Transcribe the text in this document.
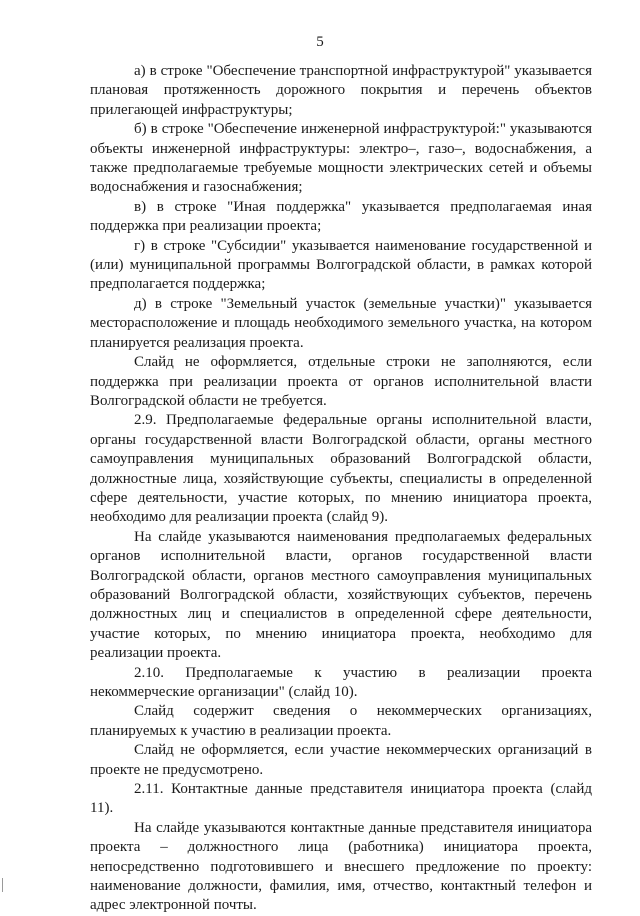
5

а) в строке "Обеспечение транспортной инфраструктурой" указывается плановая протяженность дорожного покрытия и перечень объектов прилегающей инфраструктуры;

б) в строке "Обеспечение инженерной инфраструктурой:" указываются объекты инженерной инфраструктуры: электро–, газо–, водоснабжения, а также предполагаемые требуемые мощности электрических сетей и объемы водоснабжения и газоснабжения;

в) в строке "Иная поддержка" указывается предполагаемая иная поддержка при реализации проекта;

г) в строке "Субсидии" указывается наименование государственной и (или) муниципальной программы Волгоградской области, в рамках которой предполагается поддержка;

д) в строке "Земельный участок (земельные участки)" указывается месторасположение и площадь необходимого земельного участка, на котором планируется реализация проекта.

Слайд не оформляется, отдельные строки не заполняются, если поддержка при реализации проекта от органов исполнительной власти Волгоградской области не требуется.

2.9. Предполагаемые федеральные органы исполнительной власти, органы государственной власти Волгоградской области, органы местного самоуправления муниципальных образований Волгоградской области, должностные лица, хозяйствующие субъекты, специалисты в определенной сфере деятельности, участие которых, по мнению инициатора проекта, необходимо для реализации проекта (слайд 9).

На слайде указываются наименования предполагаемых федеральных органов исполнительной власти, органов государственной власти Волгоградской области, органов местного самоуправления муниципальных образований Волгоградской области, хозяйствующих субъектов, перечень должностных лиц и специалистов в определенной сфере деятельности, участие которых, по мнению инициатора проекта, необходимо для реализации проекта.

2.10. Предполагаемые к участию в реализации проекта некоммерческие организации" (слайд 10).

Слайд содержит сведения о некоммерческих организациях, планируемых к участию в реализации проекта.

Слайд не оформляется, если участие некоммерческих организаций в проекте не предусмотрено.

2.11. Контактные данные представителя инициатора проекта (слайд 11).

На слайде указываются контактные данные представителя инициатора проекта – должностного лица (работника) инициатора проекта, непосредственно подготовившего и внесшего предложение по проекту: наименование должности, фамилия, имя, отчество, контактный телефон и адрес электронной почты.
